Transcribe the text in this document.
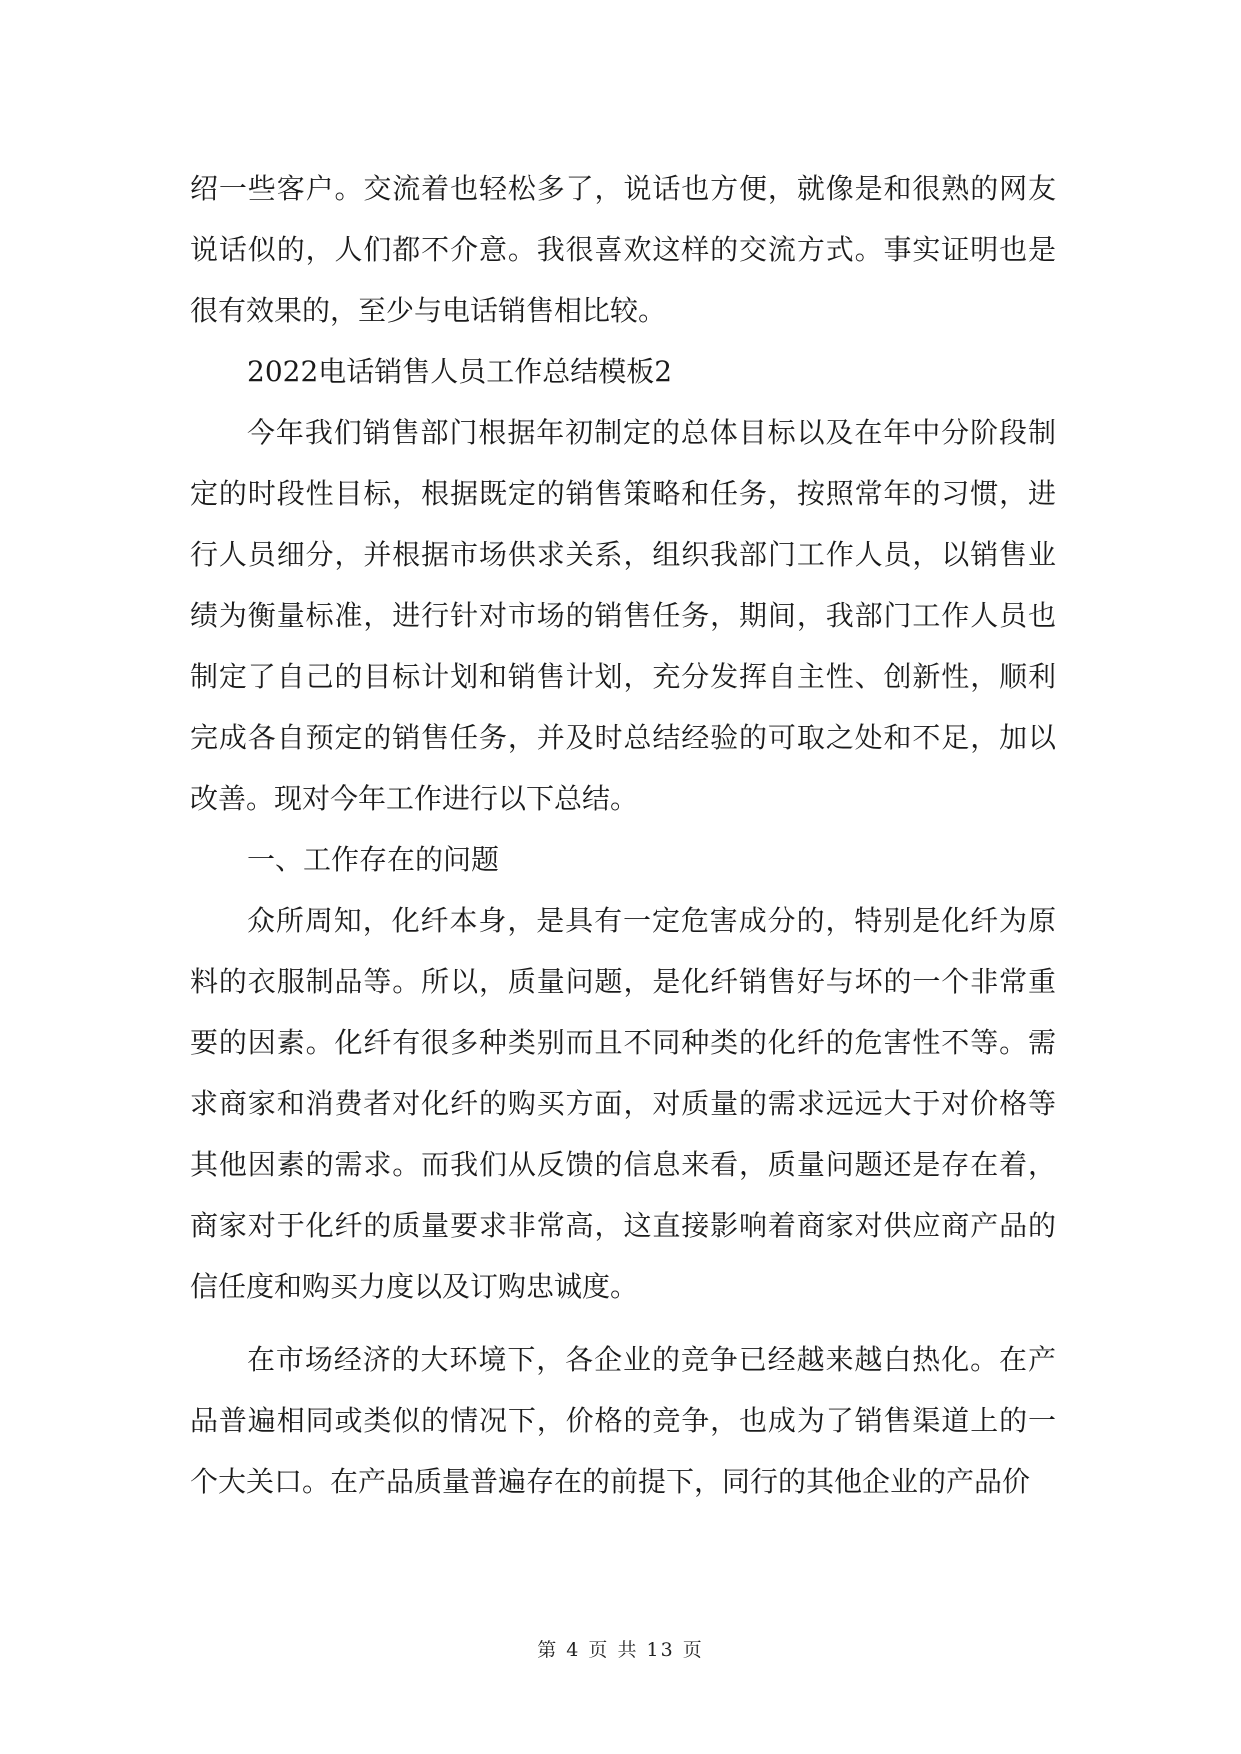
绍一些客户。交流着也轻松多了，说话也方便，就像是和很熟的网友说话似的，人们都不介意。我很喜欢这样的交流方式。事实证明也是很有效果的，至少与电话销售相比较。

2022电话销售人员工作总结模板2

今年我们销售部门根据年初制定的总体目标以及在年中分阶段制定的时段性目标，根据既定的销售策略和任务，按照常年的习惯，进行人员细分，并根据市场供求关系，组织我部门工作人员，以销售业绩为衡量标准，进行针对市场的销售任务，期间，我部门工作人员也制定了自己的目标计划和销售计划，充分发挥自主性、创新性，顺利完成各自预定的销售任务，并及时总结经验的可取之处和不足，加以改善。现对今年工作进行以下总结。

一、工作存在的问题

众所周知，化纤本身，是具有一定危害成分的，特别是化纤为原料的衣服制品等。所以，质量问题，是化纤销售好与坏的一个非常重要的因素。化纤有很多种类别而且不同种类的化纤的危害性不等。需求商家和消费者对化纤的购买方面，对质量的需求远远大于对价格等其他因素的需求。而我们从反馈的信息来看，质量问题还是存在着，商家对于化纤的质量要求非常高，这直接影响着商家对供应商产品的信任度和购买力度以及订购忠诚度。

在市场经济的大环境下，各企业的竞争已经越来越白热化。在产品普遍相同或类似的情况下，价格的竞争，也成为了销售渠道上的一个大关口。在产品质量普遍存在的前提下，同行的其他企业的产品价

第 4 页 共 13 页
